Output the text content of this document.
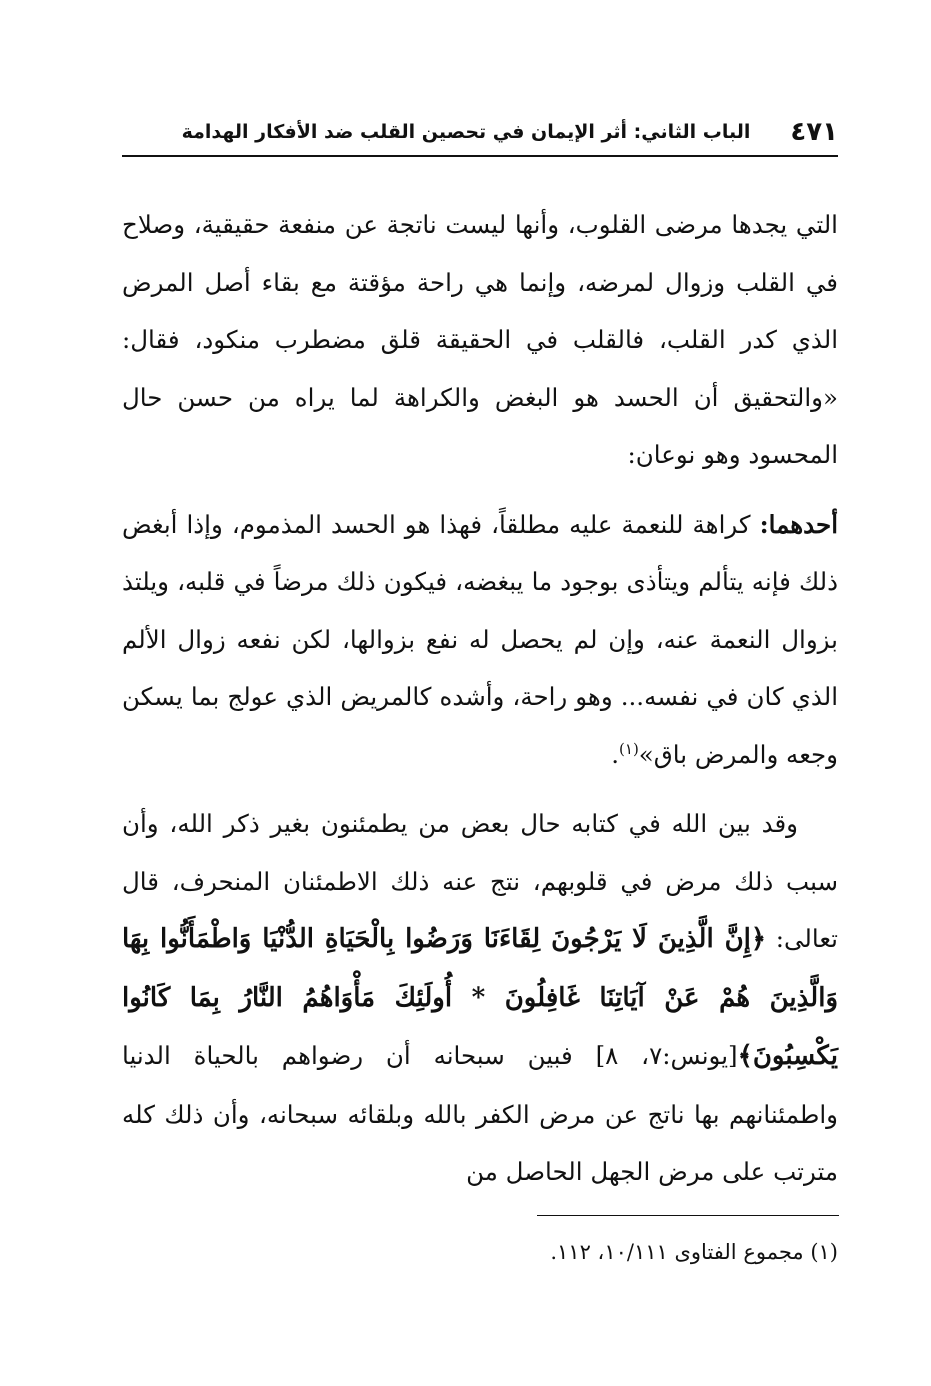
٤٧١
الباب الثاني: أثر الإيمان في تحصين القلب ضد الأفكار الهدامة

التي يجدها مرضى القلوب، وأنها ليست ناتجة عن منفعة حقيقية، وصلاح في القلب وزوال لمرضه، وإنما هي راحة مؤقتة مع بقاء أصل المرض الذي كدر القلب، فالقلب في الحقيقة قلق مضطرب منكود، فقال: «والتحقيق أن الحسد هو البغض والكراهة لما يراه من حسن حال المحسود وهو نوعان:

أحدهما: كراهة للنعمة عليه مطلقاً، فهذا هو الحسد المذموم، وإذا أبغض ذلك فإنه يتألم ويتأذى بوجود ما يبغضه، فيكون ذلك مرضاً في قلبه، ويلتذ بزوال النعمة عنه، وإن لم يحصل له نفع بزوالها، لكن نفعه زوال الألم الذي كان في نفسه... وهو راحة، وأشده كالمريض الذي عولج بما يسكن وجعه والمرض باق»$^{(١)}$.

وقد بين الله في كتابه حال بعض من يطمئنون بغير ذكر الله، وأن سبب ذلك مرض في قلوبهم، نتج عنه ذلك الاطمئنان المنحرف، قال تعالى: ﴿إِنَّ الَّذِينَ لَا يَرْجُونَ لِقَاءَنَا وَرَضُوا بِالْحَيَاةِ الدُّنْيَا وَاطْمَأَنُّوا بِهَا وَالَّذِينَ هُمْ عَنْ آيَاتِنَا غَافِلُونَ * أُولَئِكَ مَأْوَاهُمُ النَّارُ بِمَا كَانُوا يَكْسِبُونَ﴾[يونس:٧، ٨] فبين سبحانه أن رضواهم بالحياة الدنيا واطمئنانهم بها ناتج عن مرض الكفر بالله وبلقائه سبحانه، وأن ذلك كله مترتب على مرض الجهل الحاصل من

(١) مجموع الفتاوى ١٠/١١١، ١١٢.
